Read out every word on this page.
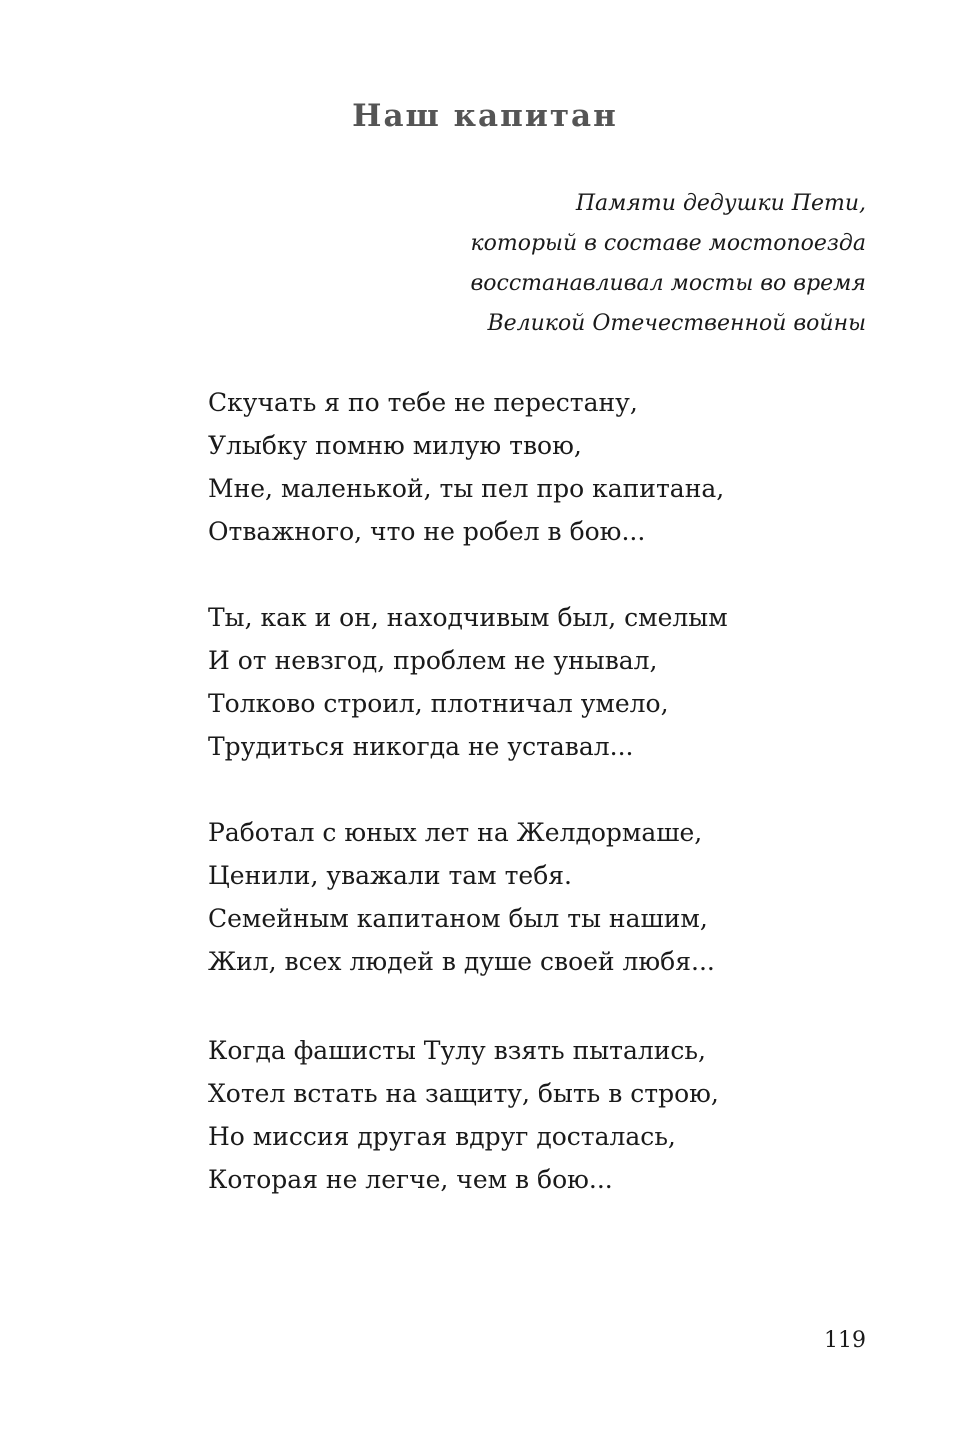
Наш капитан
Памяти дедушки Пети,
который в составе мостопоезда
восстанавливал мосты во время
Великой Отечественной войны
Скучать я по тебе не перестану,
Улыбку помню милую твою,
Мне, маленькой, ты пел про капитана,
Отважного, что не робел в бою...
Ты, как и он, находчивым был, смелым
И от невзгод, проблем не унывал,
Толково строил, плотничал умело,
Трудиться никогда не уставал...
Работал с юных лет на Желдормаше,
Ценили, уважали там тебя.
Семейным капитаном был ты нашим,
Жил, всех людей в душе своей любя...
Когда фашисты Тулу взять пытались,
Хотел встать на защиту, быть в строю,
Но миссия другая вдруг досталась,
Которая не легче, чем в бою...
119
